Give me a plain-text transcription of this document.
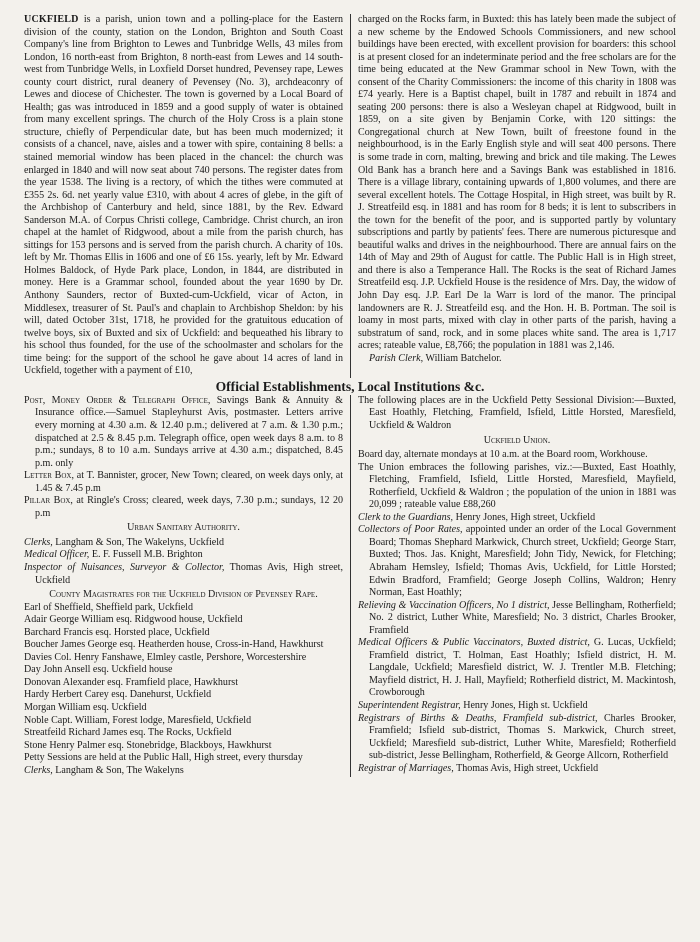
UCKFIELD is a parish, union town and a polling-place for the Eastern division of the county, station on the London, Brighton and South Coast Company's line from Brighton to Lewes and Tunbridge Wells, 43 miles from London, 16 north-east from Brighton, 8 north-east from Lewes and 14 south-west from Tunbridge Wells, in Loxfield Dorset hundred, Pevensey rape, Lewes county court district, rural deanery of Pevensey (No. 3), archdeaconry of Lewes and diocese of Chichester. The town is governed by a Local Board of Health; gas was introduced in 1859 and a good supply of water is obtained from many excellent springs. The church of the Holy Cross is a plain stone structure, chiefly of Perpendicular date, but has been much modernized; it consists of a chancel, nave, aisles and a tower with spire, containing 8 bells: a stained memorial window has been placed in the chancel: the church was enlarged in 1840 and will now seat about 740 persons. The register dates from the year 1538. The living is a rectory, of which the tithes were commuted at £355 2s. 6d. net yearly value £310, with about 4 acres of glebe, in the gift of the Archbishop of Canterbury and held, since 1881, by the Rev. Edward Sanderson M.A. of Corpus Christi college, Cambridge. Christ church, an iron chapel at the hamlet of Ridgwood, about a mile from the parish church, has sittings for 153 persons and is served from the parish church. A charity of 10s. left by Mr. Thomas Ellis in 1606 and one of £6 15s. yearly, left by Mr. Edward Holmes Baldock, of Hyde Park place, London, in 1844, are distributed in money. Here is a Grammar school, founded about the year 1690 by Dr. Anthony Saunders, rector of Buxted-cum-Uckfield, vicar of Acton, in Middlesex, treasurer of St. Paul's and chaplain to Archbishop Sheldon: by his will, dated October 31st, 1718, he provided for the gratuitous education of twelve boys, six of Buxted and six of Uckfield: and bequeathed his library to his school thus founded, for the use of the schoolmaster and scholars for the time being: for the support of the school he gave about 14 acres of land in Uckfield, together with a payment of £10,

charged on the Rocks farm, in Buxted: this has lately been made the subject of a new scheme by the Endowed Schools Commissioners, and new school buildings have been erected, with excellent provision for boarders: this school is at present closed for an indeterminate period and the free scholars are for the time being educated at the New Grammar school in New Town, with the consent of the Charity Commissioners: the income of this charity in 1808 was £74 yearly. Here is a Baptist chapel, built in 1787 and rebuilt in 1874 and seating 200 persons: there is also a Wesleyan chapel at Ridgwood, built in 1859, on a site given by Benjamin Corke, with 120 sittings: the Congregational church at New Town, built of freestone found in the neighbourhood, is in the Early English style and will seat 400 persons. There is some trade in corn, malting, brewing and brick and tile making. The Lewes Old Bank has a branch here and a Savings Bank was established in 1816. There is a village library, containing upwards of 1,800 volumes, and there are several excellent hotels. The Cottage Hospital, in High street, was built by R. J. Streatfeild esq. in 1881 and has room for 8 beds; it is lent to subscribers in the town for the benefit of the poor, and is supported partly by voluntary subscriptions and partly by patients' fees. There are numerous picturesque and beautiful walks and drives in the neighbourhood. There are annual fairs on the 14th of May and 29th of August for cattle. The Public Hall is in High street, and there is also a Temperance Hall. The Rocks is the seat of Richard James Streatfeild esq. J.P. Uckfield House is the residence of Mrs. Day, the widow of John Day esq. J.P. Earl De la Warr is lord of the manor. The principal landowners are R. J. Streatfeild esq. and the Hon. H. B. Portman. The soil is loamy in most parts, mixed with clay in other parts of the parish, having a substratum of sand, rock, and in some places white sand. The area is 1,717 acres; rateable value, £8,766; the population in 1881 was 2,146.

Parish Clerk, William Batchelor.

Official Establishments, Local Institutions &c.

Post, Money Order & Telegraph Office, Savings Bank & Annuity & Insurance office.—Samuel Stapleyhurst Avis, postmaster. Letters arrive every morning at 4.30 a.m. & 12.40 p.m.; delivered at 7 a.m. & 1.30 p.m.; dispatched at 2.5 & 8.45 p.m. Telegraph office, open week days 8 a.m. to 8 p.m.; sundays, 8 to 10 a.m. Sundays arrive at 4.30 a.m.; dispatched, 8.45 p.m. only

Letter Box, at T. Bannister, grocer, New Town; cleared, on week days only, at 1.45 & 7.45 p.m

Pillar Box, at Ringle's Cross; cleared, week days, 7.30 p.m.; sundays, 12 20 p.m

Urban Sanitary Authority.

Clerks, Langham & Son, The Wakelyns, Uckfield

Medical Officer, E. F. Fussell M.B. Brighton

Inspector of Nuisances, Surveyor & Collector, Thomas Avis, High street, Uckfield

County Magistrates for the Uckfield Division of Pevensey Rape.

Earl of Sheffield, Sheffield park, Uckfield

Adair George William esq. Ridgwood house, Uckfield

Barchard Francis esq. Horsted place, Uckfield

Boucher James George esq. Heatherden house, Cross-in-Hand, Hawkhurst

Davies Col. Henry Fanshawe, Elmley castle, Pershore, Worcestershire

Day John Ansell esq. Uckfield house

Donovan Alexander esq. Framfield place, Hawkhurst

Hardy Herbert Carey esq. Danehurst, Uckfield

Morgan William esq. Uckfield

Noble Capt. William, Forest lodge, Maresfield, Uckfield

Streatfeild Richard James esq. The Rocks, Uckfield

Stone Henry Palmer esq. Stonebridge, Blackboys, Hawkhurst

Petty Sessions are held at the Public Hall, High street, every thursday

Clerks, Langham & Son, The Wakelyns

The following places are in the Uckfield Petty Sessional Division:—Buxted, East Hoathly, Fletching, Framfield, Isfield, Little Horsted, Maresfield, Uckfield & Waldron

Uckfield Union.

Board day, alternate mondays at 10 a.m. at the Board room, Workhouse.

The Union embraces the following parishes, viz.:—Buxted, East Hoathly, Fletching, Framfield, Isfield, Little Horsted, Maresfield, Mayfield, Rotherfield, Uckfield & Waldron ; the population of the union in 1881 was 20,099 ; rateable value £88,260

Clerk to the Guardians, Henry Jones, High street, Uckfield

Collectors of Poor Rates, appointed under an order of the Local Government Board; Thomas Shephard Markwick, Church street, Uckfield; George Starr, Buxted; Thos. Jas. Knight, Maresfield; John Tidy, Newick, for Fletching; Abraham Hemsley, Isfield; Thomas Avis, Uckfield, for Little Horsted; Edwin Bradford, Framfield; George Joseph Collins, Waldron; Henry Norman, East Hoathly;

Relieving & Vaccination Officers, No 1 district, Jesse Bellingham, Rotherfield; No. 2 district, Luther White, Maresfield; No. 3 district, Charles Brooker, Framfield

Medical Officers & Public Vaccinators, Buxted district, G. Lucas, Uckfield; Framfield district, T. Holman, East Hoathly; Isfield district, H. M. Langdale, Uckfield; Maresfield district, W. J. Trentler M.B. Fletching; Mayfield district, H. J. Hall, Mayfield; Rotherfield district, M. Mackintosh, Crowborough

Superintendent Registrar, Henry Jones, High st. Uckfield

Registrars of Births & Deaths, Framfield sub-district, Charles Brooker, Framfield; Isfield sub-district, Thomas S. Markwick, Church street, Uckfield; Maresfield sub-district, Luther White, Maresfield; Rotherfield sub-district, Jesse Bellingham, Rotherfield, & George Allcorn, Rotherfield

Registrar of Marriages, Thomas Avis, High street, Uckfield
